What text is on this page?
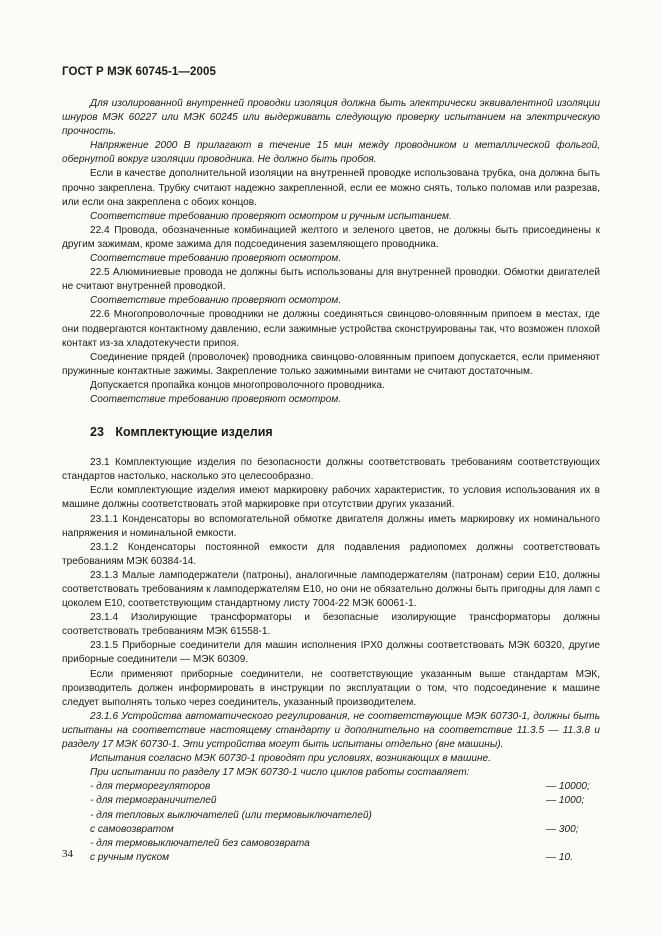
ГОСТ Р МЭК 60745-1—2005

Для изолированной внутренней проводки изоляция должна быть электрически эквивалентной изоляции шнуров МЭК 60227 или МЭК 60245 или выдерживать следующую проверку испытанием на электрическую прочность.

Напряжение 2000 В прилагают в течение 15 мин между проводником и металлической фольгой, обернутой вокруг изоляции проводника. Не должно быть пробоя.

Если в качестве дополнительной изоляции на внутренней проводке использована трубка, она должна быть прочно закреплена. Трубку считают надежно закрепленной, если ее можно снять, только поломав или разрезав, или если она закреплена с обоих концов.

Соответствие требованию проверяют осмотром и ручным испытанием.

22.4 Провода, обозначенные комбинацией желтого и зеленого цветов, не должны быть присоединены к другим зажимам, кроме зажима для подсоединения заземляющего проводника.

Соответствие требованию проверяют осмотром.

22.5 Алюминиевые провода не должны быть использованы для внутренней проводки. Обмотки двигателей не считают внутренней проводкой.

Соответствие требованию проверяют осмотром.

22.6 Многопроволочные проводники не должны соединяться свинцово-оловянным припоем в местах, где они подвергаются контактному давлению, если зажимные устройства сконструированы так, что возможен плохой контакт из-за хладотекучести припоя.

Соединение прядей (проволочек) проводника свинцово-оловянным припоем допускается, если применяют пружинные контактные зажимы. Закрепление только зажимными винтами не считают достаточным.

Допускается пропайка концов многопроволочного проводника.

Соответствие требованию проверяют осмотром.

23 Комплектующие изделия

23.1 Комплектующие изделия по безопасности должны соответствовать требованиям соответствующих стандартов настолько, насколько это целесообразно.

Если комплектующие изделия имеют маркировку рабочих характеристик, то условия использования их в машине должны соответствовать этой маркировке при отсутствии других указаний.

23.1.1 Конденсаторы во вспомогательной обмотке двигателя должны иметь маркировку их номинального напряжения и номинальной емкости.

23.1.2 Конденсаторы постоянной емкости для подавления радиопомех должны соответствовать требованиям МЭК 60384-14.

23.1.3 Малые ламподержатели (патроны), аналогичные ламподержателям (патронам) серии E10, должны соответствовать требованиям к ламподержателям E10, но они не обязательно должны быть пригодны для ламп с цоколем E10, соответствующим стандартному листу 7004-22 МЭК 60061-1.

23.1.4 Изолирующие трансформаторы и безопасные изолирующие трансформаторы должны соответствовать требованиям МЭК 61558-1.

23.1.5 Приборные соединители для машин исполнения IPX0 должны соответствовать МЭК 60320, другие приборные соединители — МЭК 60309.

Если применяют приборные соединители, не соответствующие указанным выше стандартам МЭК, производитель должен информировать в инструкции по эксплуатации о том, что подсоединение к машине следует выполнять только через соединитель, указанный производителем.

23.1.6 Устройства автоматического регулирования, не соответствующие МЭК 60730-1, должны быть испытаны на соответствие настоящему стандарту и дополнительно на соответствие 11.3.5 — 11.3.8 и разделу 17 МЭК 60730-1. Эти устройства могут быть испытаны отдельно (вне машины).

Испытания согласно МЭК 60730-1 проводят при условиях, возникающих в машине.

При испытании по разделу 17 МЭК 60730-1 число циклов работы составляет:

- для терморегуляторов	— 10000;
- для термограничителей	— 1000;
- для тепловых выключателей (или термовыключателей)
с самовозвратом	— 300;
- для термовыключателей без самовозврата
с ручным пуском	— 10.
34
